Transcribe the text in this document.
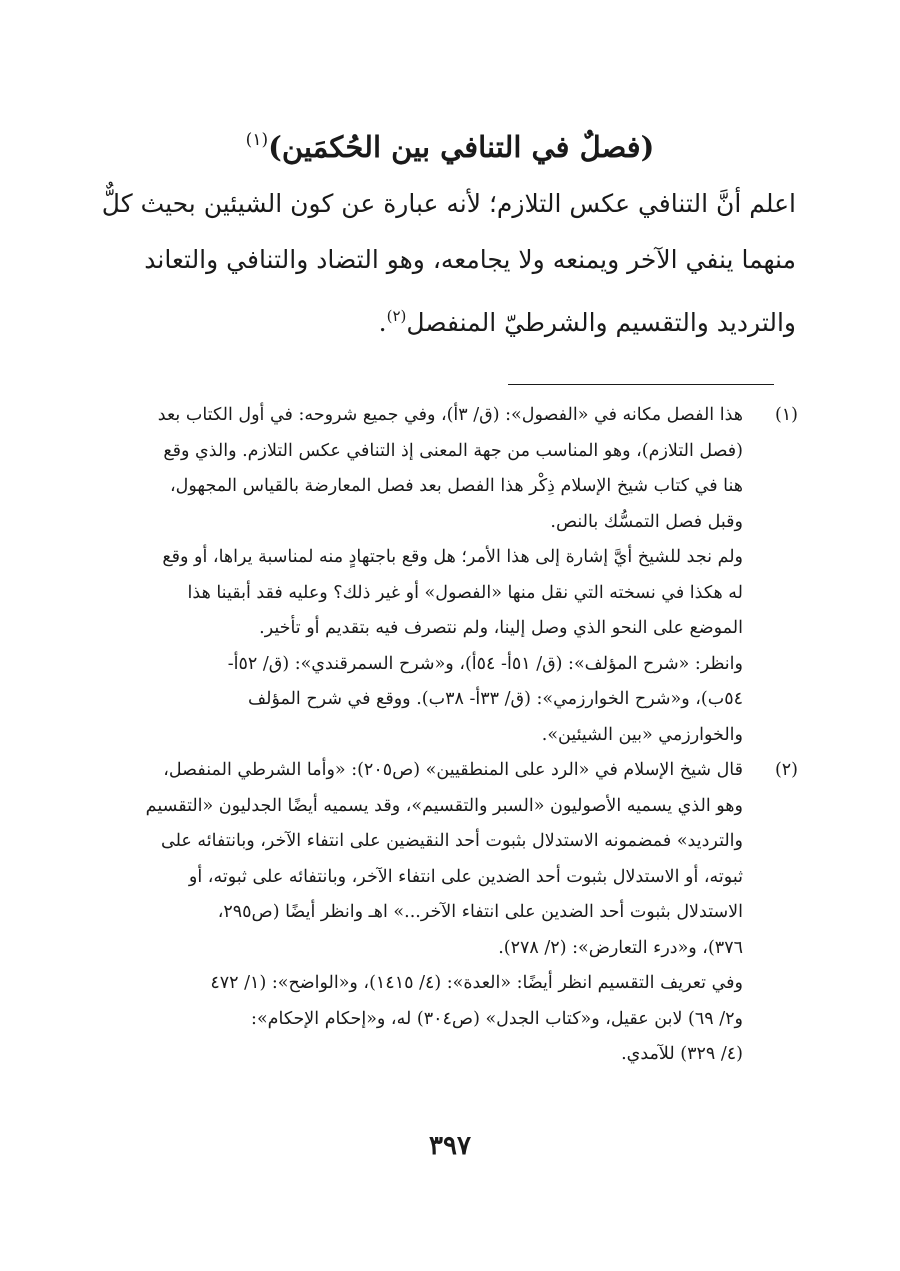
(فصلٌ في التنافي بين الحُكمَين)$^{(١)}$
اعلم أنَّ التنافي عكس التلازم؛ لأنه عبارة عن كون الشيئين بحيث كلٌّ
منهما ينفي الآخر ويمنعه ولا يجامعه، وهو التضاد والتنافي والتعاند
والترديد والتقسيم والشرطيّ المنفصل$^{(٢)}$.
(١)
هذا الفصل مكانه في «الفصول»: (ق/ ٣أ)، وفي جميع شروحه: في أول الكتاب بعد
(فصل التلازم)، وهو المناسب من جهة المعنى إذ التنافي عكس التلازم. والذي وقع
هنا في كتاب شيخ الإسلام ذِكْر هذا الفصل بعد فصل المعارضة بالقياس المجهول،
وقبل فصل التمسُّك بالنص.
ولم نجد للشيخ أيَّ إشارة إلى هذا الأمر؛ هل وقع باجتهادٍ منه لمناسبة يراها، أو وقع
له هكذا في نسخته التي نقل منها «الفصول» أو غير ذلك؟ وعليه فقد أبقينا هذا
الموضع على النحو الذي وصل إلينا، ولم نتصرف فيه بتقديم أو تأخير.
وانظر: «شرح المؤلف»: (ق/ ٥١أ- ٥٤أ)، و«شرح السمرقندي»: (ق/ ٥٢أ-
٥٤ب)، و«شرح الخوارزمي»: (ق/ ٣٣أ- ٣٨ب). ووقع في شرح المؤلف
والخوارزمي «بين الشيئين».
(٢)
قال شيخ الإسلام في «الرد على المنطقيين» (ص٢٠٥): «وأما الشرطي المنفصل،
وهو الذي يسميه الأصوليون «السبر والتقسيم»، وقد يسميه أيضًا الجدليون «التقسيم
والترديد» فمضمونه الاستدلال بثبوت أحد النقيضين على انتفاء الآخر، وبانتفائه على
ثبوته، أو الاستدلال بثبوت أحد الضدين على انتفاء الآخر، وبانتفائه على ثبوته، أو
الاستدلال بثبوت أحد الضدين على انتفاء الآخر...» اهـ وانظر أيضًا (ص٢٩٥،
٣٧٦)، و«درء التعارض»: (٢/ ٢٧٨).
وفي تعريف التقسيم انظر أيضًا: «العدة»: (٤/ ١٤١٥)، و«الواضح»: (١/ ٤٧٢
و٢/ ٦٩) لابن عقيل، و«كتاب الجدل» (ص٣٠٤) له، و«إحكام الإحكام»:
(٤/ ٣٢٩) للآمدي.
٣٩٧
